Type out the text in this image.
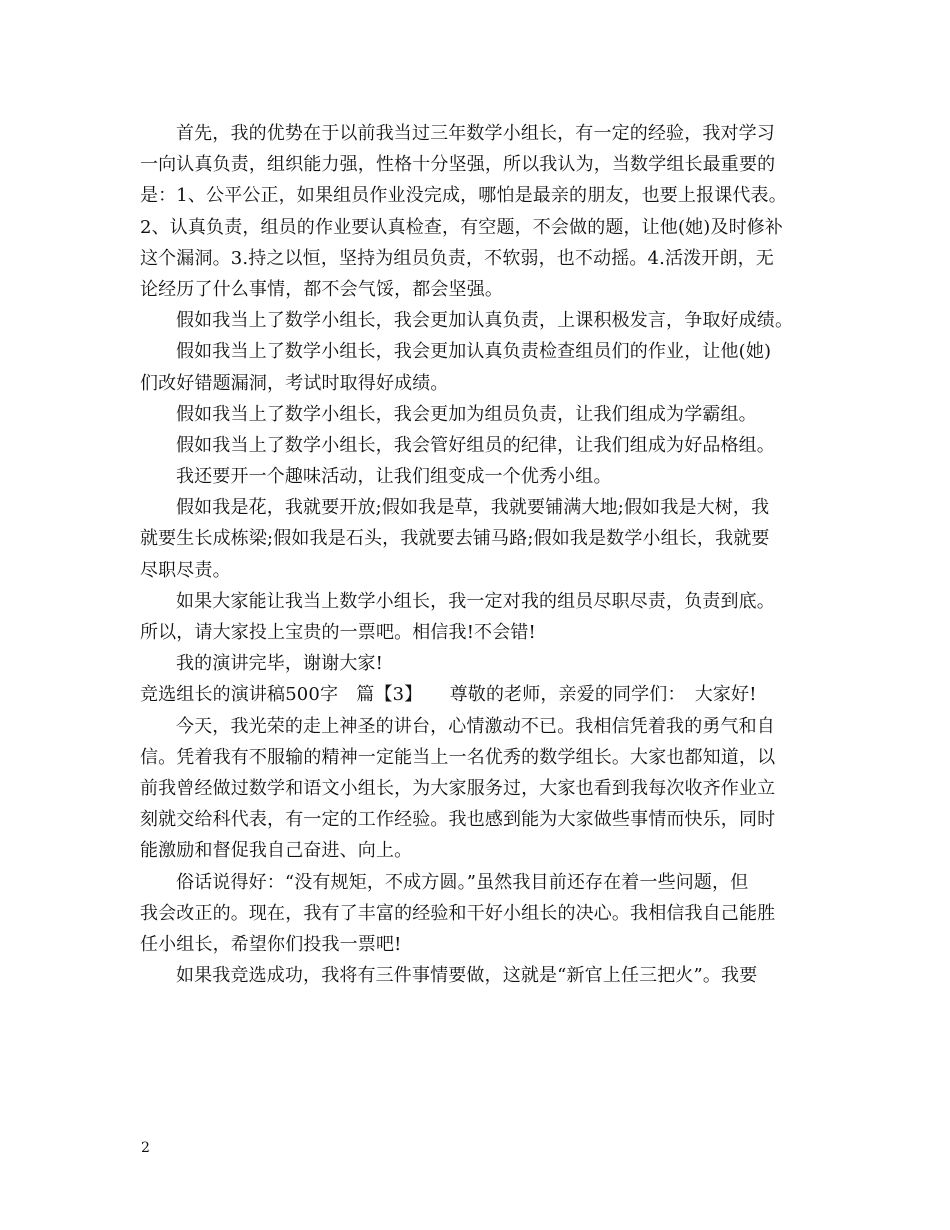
首先，我的优势在于以前我当过三年数学小组长，有一定的经验，我对学习
一向认真负责，组织能力强，性格十分坚强，所以我认为，当数学组长最重要的
是：1、公平公正，如果组员作业没完成，哪怕是最亲的朋友，也要上报课代表。
2、认真负责，组员的作业要认真检查，有空题，不会做的题，让他(她)及时修补
这个漏洞。3.持之以恒，坚持为组员负责，不软弱，也不动摇。4.活泼开朗，无
论经历了什么事情，都不会气馁，都会坚强。
假如我当上了数学小组长，我会更加认真负责，上课积极发言，争取好成绩。
假如我当上了数学小组长，我会更加认真负责检查组员们的作业，让他(她)
们改好错题漏洞，考试时取得好成绩。
假如我当上了数学小组长，我会更加为组员负责，让我们组成为学霸组。
假如我当上了数学小组长，我会管好组员的纪律，让我们组成为好品格组。
我还要开一个趣味活动，让我们组变成一个优秀小组。
假如我是花，我就要开放;假如我是草，我就要铺满大地;假如我是大树，我
就要生长成栋梁;假如我是石头，我就要去铺马路;假如我是数学小组长，我就要
尽职尽责。
如果大家能让我当上数学小组长，我一定对我的组员尽职尽责，负责到底。
所以，请大家投上宝贵的一票吧。相信我!不会错!
我的演讲完毕，谢谢大家!
竞选组长的演讲稿500字　篇【3】　　尊敬的老师，亲爱的同学们：　大家好!
今天，我光荣的走上神圣的讲台，心情激动不已。我相信凭着我的勇气和自
信。凭着我有不服输的精神一定能当上一名优秀的数学组长。大家也都知道，以
前我曾经做过数学和语文小组长，为大家服务过，大家也看到我每次收齐作业立
刻就交给科代表，有一定的工作经验。我也感到能为大家做些事情而快乐，同时
能激励和督促我自己奋进、向上。
俗话说得好：“没有规矩，不成方圆。”虽然我目前还存在着一些问题，但
我会改正的。现在，我有了丰富的经验和干好小组长的决心。我相信我自己能胜
任小组长，希望你们投我一票吧!
如果我竞选成功，我将有三件事情要做，这就是“新官上任三把火”。我要
2
